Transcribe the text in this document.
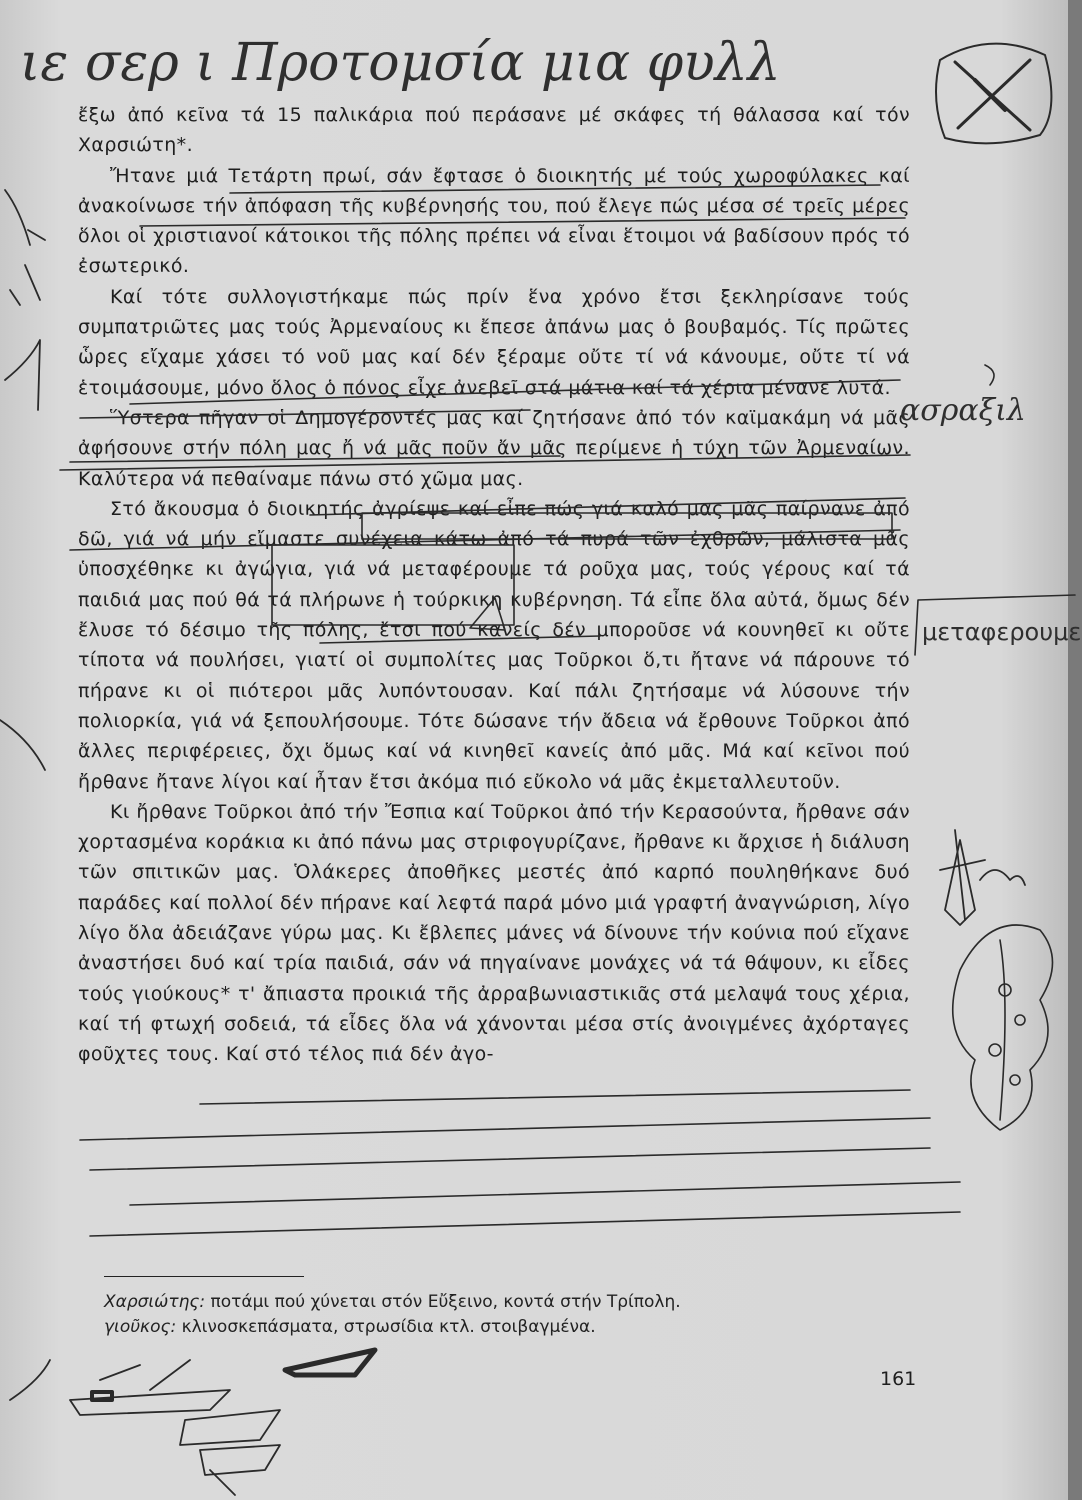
ἔξω ἀπό κεῖνα τά 15 παλικάρια πού περάσανε μέ σκάφες τή θάλασσα καί τόν Χαρσιώτη*.

Ἤτανε μιά Τετάρτη πρωί, σάν ἔφτασε ὁ διοικητής μέ τούς χωροφύλακες καί ἀνακοίνωσε τήν ἀπόφαση τῆς κυβέρνησής του, πού ἔλεγε πώς μέσα σέ τρεῖς μέρες ὅλοι οἱ χριστιανοί κάτοικοι τῆς πόλης πρέπει νά εἶναι ἕτοιμοι νά βαδίσουν πρός τό ἐσωτερικό.

Καί τότε συλλογιστήκαμε πώς πρίν ἕνα χρόνο ἔτσι ξεκληρίσανε τούς συμπατριῶτες μας τούς Ἀρμεναίους κι ἔπεσε ἀπάνω μας ὁ βουβαμός. Τίς πρῶτες ὧρες εἴχαμε χάσει τό νοῦ μας καί δέν ξέραμε οὔτε τί νά κάνουμε, οὔτε τί νά ἑτοιμάσουμε, μόνο ὅλος ὁ πόνος εἶχε ἀνεβεῖ στά μάτια καί τά χέρια μένανε λυτά.

Ὕστερα πῆγαν οἱ Δημογέροντές μας καί ζητήσανε ἀπό τόν καϊμακάμη νά μᾶς ἀφήσουνε στήν πόλη μας ἤ νά μᾶς ποῦν ἄν μᾶς περίμενε ἡ τύχη τῶν Ἀρμεναίων. Καλύτερα νά πεθαίναμε πάνω στό χῶμα μας.

Στό ἄκουσμα ὁ διοικητής ἀγρίεψε καί εἶπε πώς γιά καλό μας μᾶς παίρνανε ἀπό δῶ, γιά νά μήν εἴμαστε συνέχεια κάτω ἀπό τά πυρά τῶν ἐχθρῶν, μάλιστα μᾶς ὑποσχέθηκε κι ἀγώγια, γιά νά μεταφέρουμε τά ροῦχα μας, τούς γέρους καί τά παιδιά μας πού θά τά πλήρωνε ἡ τούρκικη κυβέρνηση. Τά εἶπε ὅλα αὐτά, ὅμως δέν ἔλυσε τό δέσιμο τῆς πόλης, ἔτσι πού κανείς δέν μποροῦσε νά κουνηθεῖ κι οὔτε τίποτα νά πουλήσει, γιατί οἱ συμπολίτες μας Τοῦρκοι ὅ,τι ἤτανε νά πάρουνε τό πήρανε κι οἱ πιότεροι μᾶς λυπόντουσαν. Καί πάλι ζητήσαμε νά λύσουνε τήν πολιορκία, γιά νά ξεπουλήσουμε. Τότε δώσανε τήν ἄδεια νά ἔρθουνε Τοῦρκοι ἀπό ἄλλες περιφέρειες, ὄχι ὅμως καί νά κινηθεῖ κανείς ἀπό μᾶς. Μά καί κεῖνοι πού ἤρθανε ἤτανε λίγοι καί ἦταν ἔτσι ἀκόμα πιό εὔκολο νά μᾶς ἐκμεταλλευτοῦν.

Κι ἤρθανε Τοῦρκοι ἀπό τήν Ἔσπια καί Τοῦρκοι ἀπό τήν Κερασούντα, ἤρθανε σάν χορτασμένα κοράκια κι ἀπό πάνω μας στριφογυρίζανε, ἤρθανε κι ἄρχισε ἡ διάλυση τῶν σπιτικῶν μας. Ὁλάκερες ἀποθῆκες μεστές ἀπό καρπό πουληθήκανε δυό παράδες καί πολλοί δέν πήρανε καί λεφτά παρά μόνο μιά γραφτή ἀναγνώριση, λίγο λίγο ὅλα ἀδειάζανε γύρω μας. Κι ἔβλεπες μάνες νά δίνουνε τήν κούνια πού εἴχανε ἀναστήσει δυό καί τρία παιδιά, σάν νά πηγαίνανε μονάχες νά τά θάψουν, κι εἶδες τούς γιούκους* τ' ἄπιαστα προικιά τῆς ἀρραβωνιαστικιᾶς στά μελαψά τους χέρια, καί τή φτωχή σοδειά, τά εἶδες ὅλα νά χάνονται μέσα στίς ἀνοιγμένες ἀχόρταγες φοῦχτες τους. Καί στό τέλος πιά δέν ἀγο-

Χαρσιώτης: ποτάμι πού χύνεται στόν Εὔξεινο, κοντά στήν Τρίπολη.
γιοῦκος: κλινοσκεπάσματα, στρωσίδια κτλ. στοιβαγμένα.
161
ιε σερ ι Προτομσία μια φυλλ
ασραξιλ
μεταφερουμε
